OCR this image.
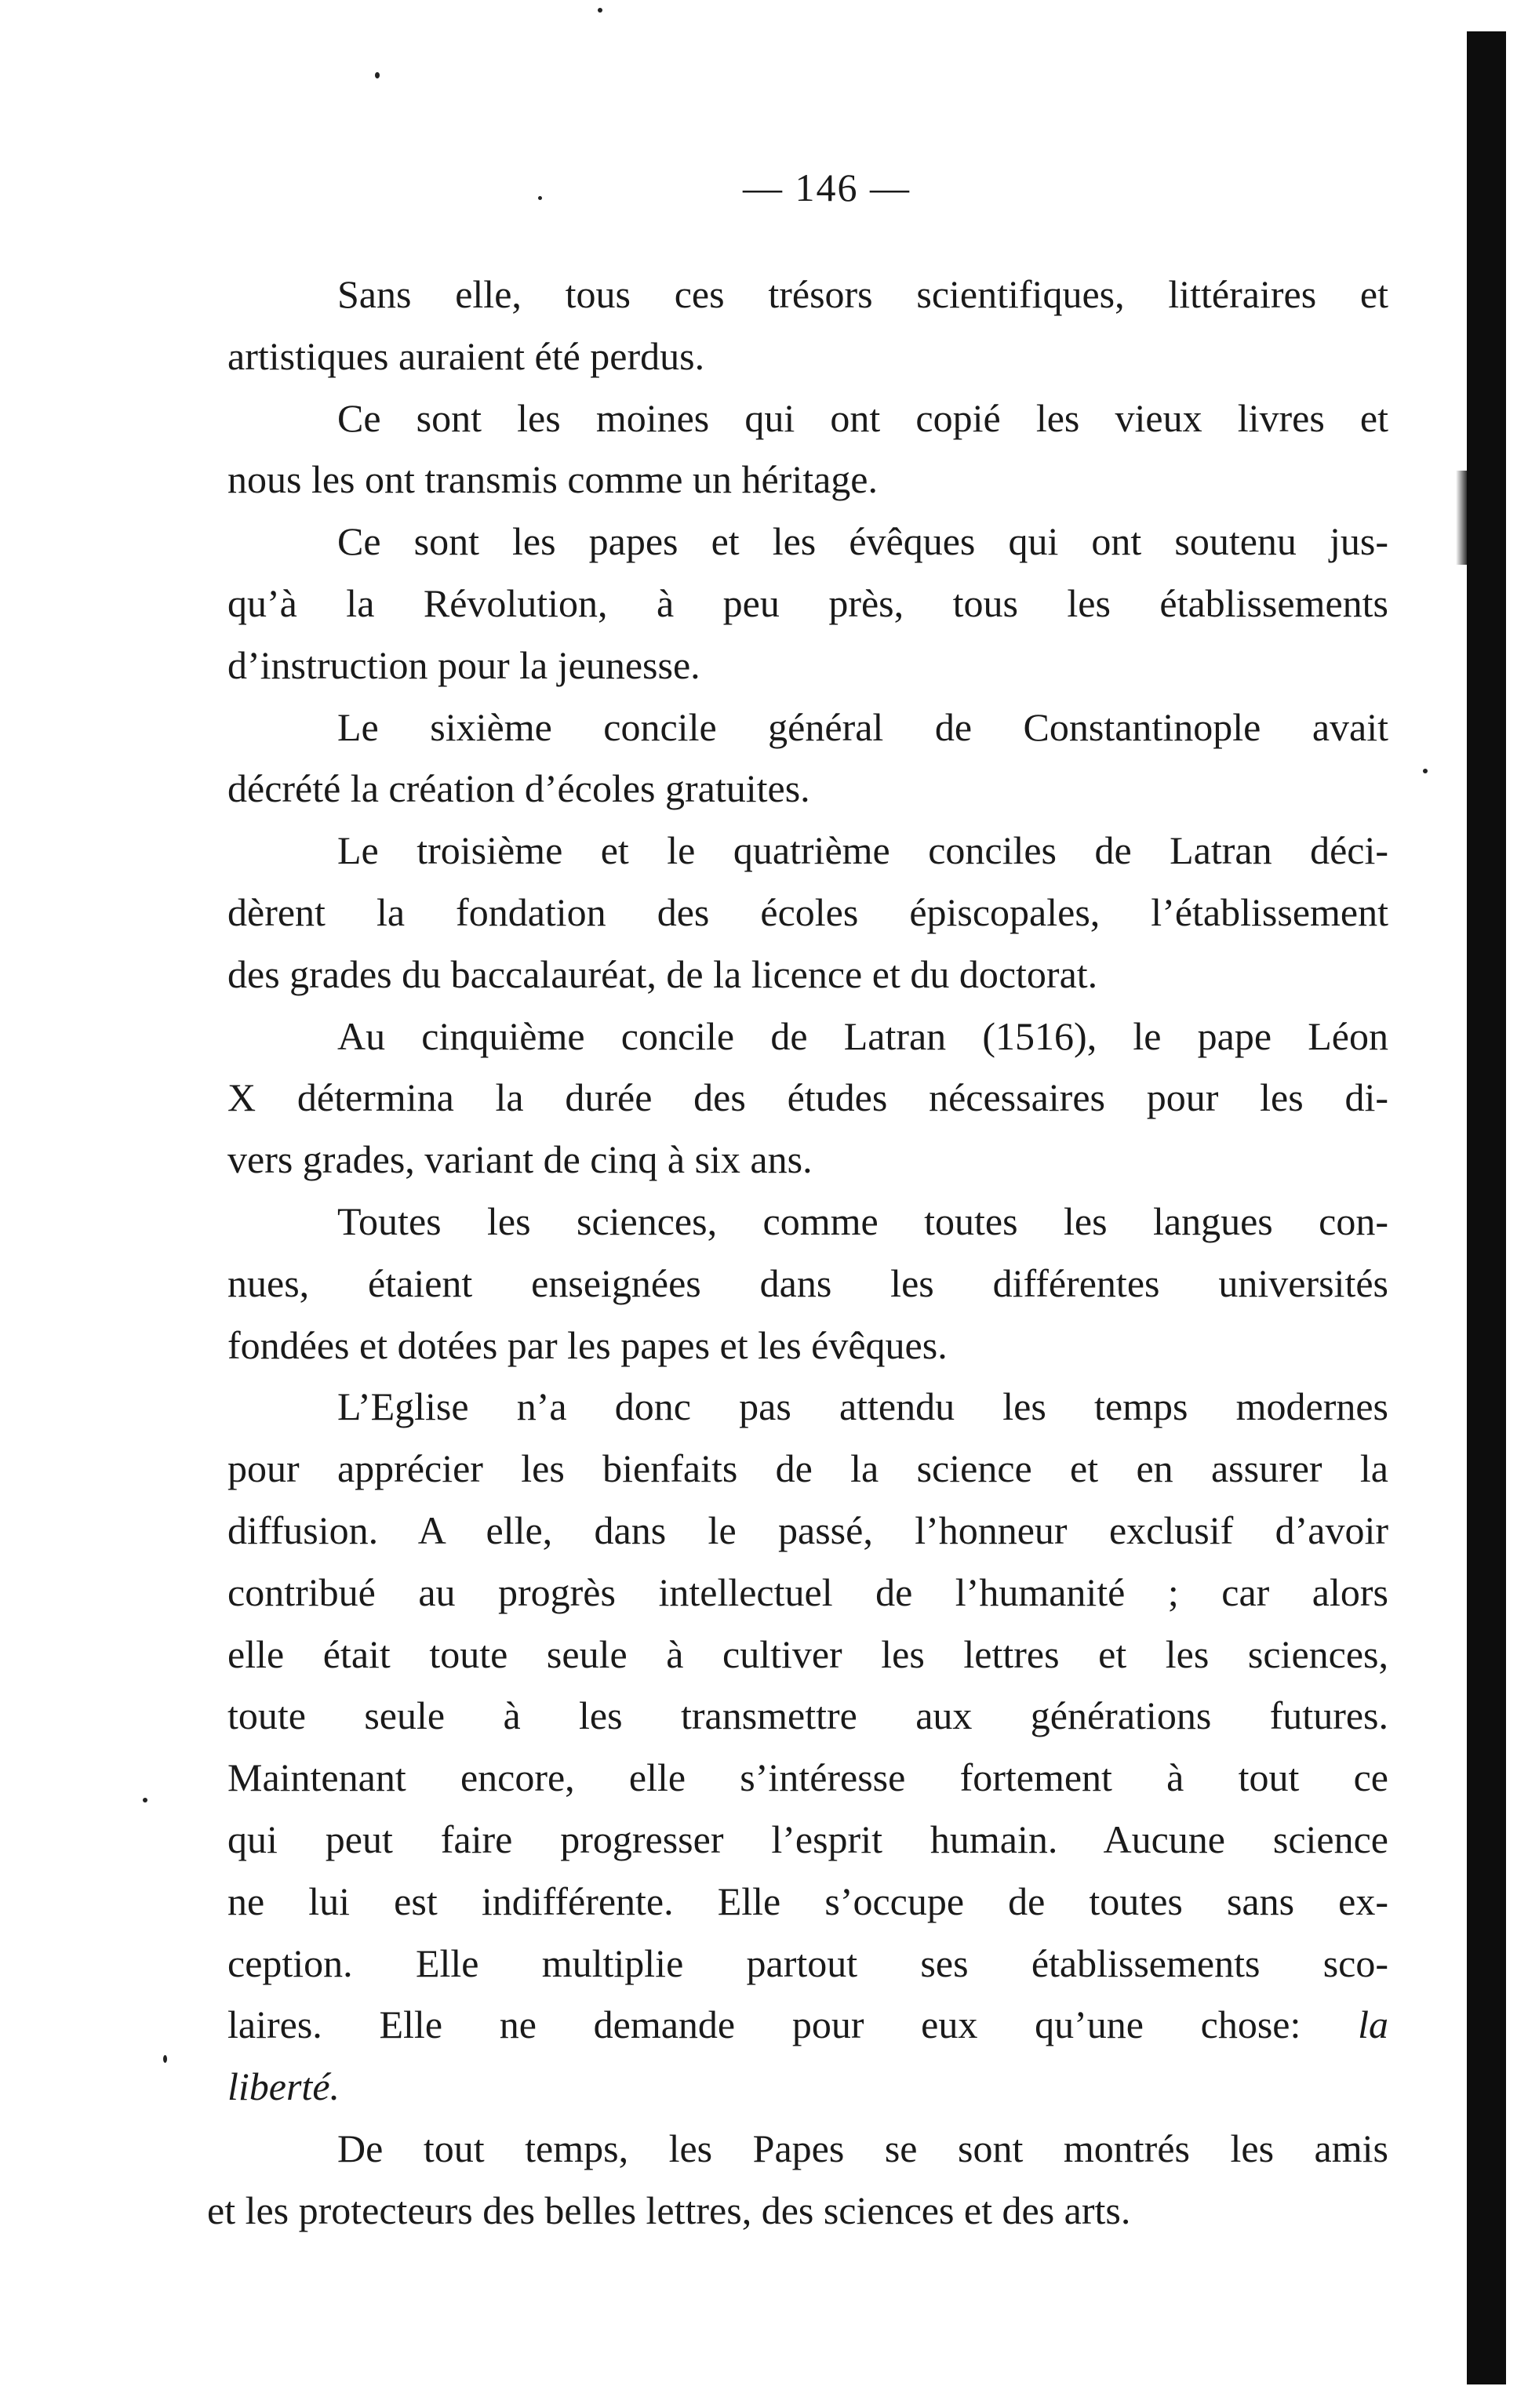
— 146 —
Sans elle, tous ces trésors scientifiques, littéraires et
artistiques auraient été perdus.
Ce sont les moines qui ont copié les vieux livres et
nous les ont transmis comme un héritage.
Ce sont les papes et les évêques qui ont soutenu jus-
qu’à la Révolution, à peu près, tous les établissements
d’instruction pour la jeunesse.
Le sixième concile général de Constantinople avait
décrété la création d’écoles gratuites.
Le troisième et le quatrième conciles de Latran déci-
dèrent la fondation des écoles épiscopales, l’établissement
des grades du baccalauréat, de la licence et du doctorat.
Au cinquième concile de Latran (1516), le pape Léon
X détermina la durée des études nécessaires pour les di-
vers grades, variant de cinq à six ans.
Toutes les sciences, comme toutes les langues con-
nues, étaient enseignées dans les différentes universités
fondées et dotées par les papes et les évêques.
L’Eglise n’a donc pas attendu les temps modernes
pour apprécier les bienfaits de la science et en assurer la
diffusion. A elle, dans le passé, l’honneur exclusif d’avoir
contribué au progrès intellectuel de l’humanité ; car alors
elle était toute seule à cultiver les lettres et les sciences,
toute seule à les transmettre aux générations futures.
Maintenant encore, elle s’intéresse fortement à tout ce
qui peut faire progresser l’esprit humain. Aucune science
ne lui est indifférente. Elle s’occupe de toutes sans ex-
ception. Elle multiplie partout ses établissements sco-
laires. Elle ne demande pour eux qu’une chose: la
liberté.
De tout temps, les Papes se sont montrés les amis
et les protecteurs des belles lettres, des sciences et des arts.
